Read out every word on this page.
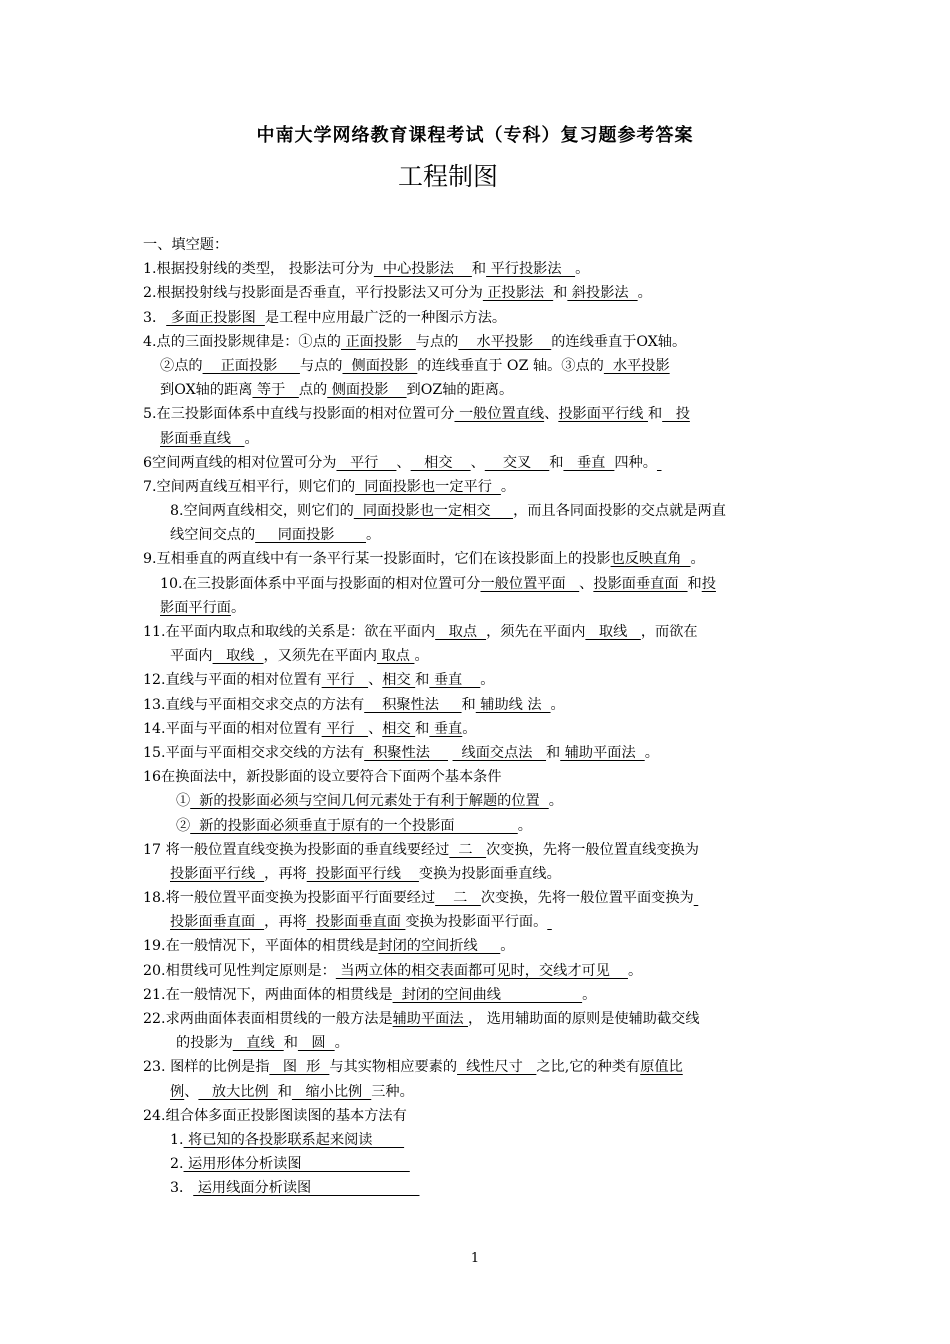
中南大学网络教育课程考试（专科）复习题参考答案
工程制图
一、填空题：
1.根据投射线的类型， 投影法可分为  中心投影法    和 平行投影法   。
2.根据投射线与投影面是否垂直，平行投影法又可分为 正投影法  和 斜投影法  。
3． 多面正投影图  是工程中应用最广泛的一种图示方法。
4.点的三面投影规律是：①点的 正面投影   与点的    水平投影    的连线垂直于OX轴。
②点的    正面投影     与点的  侧面投影  的连线垂直于 OZ 轴。③点的  水平投影
到OX轴的距离 等于   点的 侧面投影    到OZ轴的距离。
5.在三投影面体系中直线与投影面的相对位置可分 一般位置直线、投影面平行线 和   投
影面垂直线   。
6空间两直线的相对位置可分为   平行    、   相交    、    交叉    和   垂直  四种。
7.空间两直线互相平行，则它们的  同面投影也一定平行  。
8.空间两直线相交，则它们的  同面投影也一定相交     ，而且各同面投影的交点就是两直
线空间交点的     同面投影       。
9.互相垂直的两直线中有一条平行某一投影面时，它们在该投影面上的投影也反映直角  。
10.在三投影面体系中平面与投影面的相对位置可分一般位置平面   、投影面垂直面  和投
影面平行面。
11.在平面内取点和取线的关系是：欲在平面内   取点  ，须先在平面内   取线   ，而欲在
平面内   取线  ，又须先在平面内 取点 。
12.直线与平面的相对位置有 平行   、相交 和 垂直    。
13.直线与平面相交求交点的方法有    积聚性法     和 辅助线 法  。
14.平面与平面的相对位置有 平行   、相交 和 垂直。
15.平面与平面相交求交线的方法有  积聚性法       线面交点法   和 辅助平面法  。
16在换面法中，新投影面的设立要符合下面两个基本条件
①  新的投影面必须与空间几何元素处于有利于解题的位置  。
②  新的投影面必须垂直于原有的一个投影面              。
17 将一般位置直线变换为投影面的垂直线要经过  二   次变换，先将一般位置直线变换为
投影面平行线  ，再将  投影面平行线    变换为投影面垂直线。
18.将一般位置平面变换为投影面平行面要经过    二   次变换，先将一般位置平面变换为
投影面垂直面  ，再将  投影面垂直面 变换为投影面平行面。
19.在一般情况下，平面体的相贯线是封闭的空间折线     。
20.相贯线可见性判定原则是： 当两立体的相交表面都可见时，交线才可见    。
21.在一般情况下，两曲面体的相贯线是  封闭的空间曲线                  。
22.求两曲面体表面相贯线的一般方法是辅助平面法 ， 选用辅助面的原则是使辅助截交线
的投影为   直线  和   圆  。
23. 图样的比例是指   图  形  与其实物相应要素的  线性尺寸   之比,它的种类有原值比
例、   放大比例  和   缩小比例  三种。
24.组合体多面正投影图读图的基本方法有
1. 将已知的各投影联系起来阅读
2. 运用形体分析读图
3． 运用线面分析读图
1
